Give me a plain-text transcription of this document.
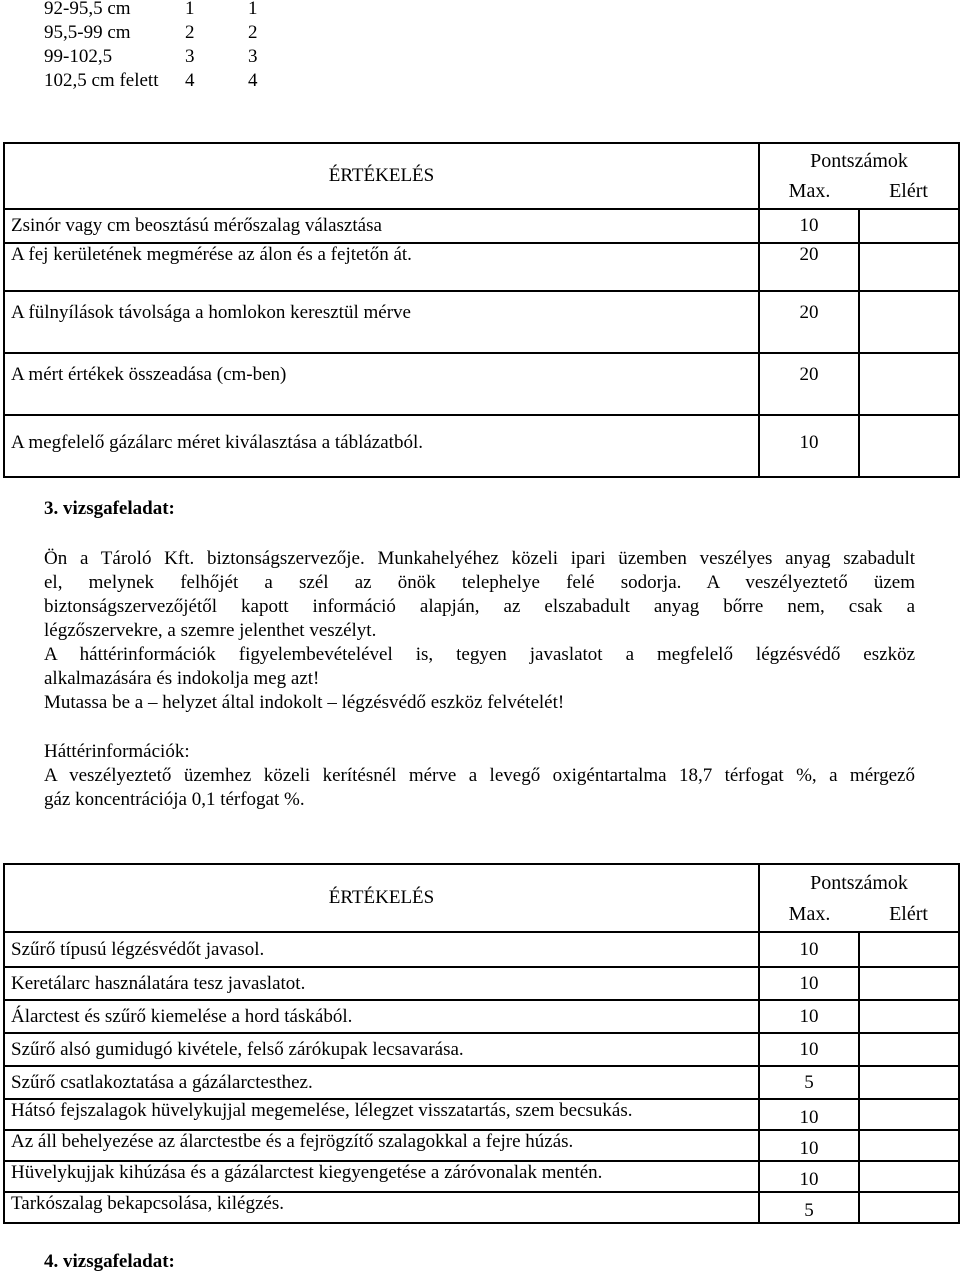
92-95,5 cm	1	1
95,5-99 cm	2	2
99-102,5	3	3
102,5 cm felett 4	4
ÉRTÉKELÉS	Pontszámok
Max. Elért	

Zsinór vagy cm beosztású mérőszalag választása	10	
A fej kerületének megmérése az álon és a fejtetőn át.	20	
A fülnyílások távolsága a homlokon keresztül mérve	20	
A mért értékek összeadása (cm-ben)	20	
A megfelelő gázálarc méret kiválasztása a táblázatból.	10	
3. vizsgafeladat:
Ön a Tároló Kft. biztonságszervezője. Munkahelyéhez közeli ipari üzemben veszélyes anyag szabadult
el, melynek felhőjét a szél az önök telephelye felé sodorja. A veszélyeztető üzem
biztonságszervezőjétől kapott információ alapján, az elszabadult anyag bőrre nem, csak a
légzőszervekre, a szemre jelenthet veszélyt.
A háttérinformációk figyelembevételével is, tegyen javaslatot a megfelelő légzésvédő eszköz
alkalmazására és indokolja meg azt!
Mutassa be a – helyzet által indokolt – légzésvédő eszköz felvételét!
Háttérinformációk:
A veszélyeztető üzemhez közeli kerítésnél mérve a levegő oxigéntartalma 18,7 térfogat %, a mérgező
gáz koncentrációja 0,1 térfogat %.
ÉRTÉKELÉS	Pontszámok
Max. Elért	

Szűrő típusú légzésvédőt javasol.	10	
Keretálarc használatára tesz javaslatot.	10	
Álarctest és szűrő kiemelése a hord táskából.	10	
Szűrő alsó gumidugó kivétele, felső zárókupak lecsavarása.	10	
Szűrő csatlakoztatása a gázálarctesthez.	5	
Hátsó fejszalagok hüvelykujjal megemelése, lélegzet visszatartás, szem becsukás.	10	
Az áll behelyezése az álarctestbe és a fejrögzítő szalagokkal a fejre húzás.	10	
Hüvelykujjak kihúzása és a gázálarctest kiegyengetése a záróvonalak mentén.	10	
Tarkószalag bekapcsolása, kilégzés.	5	
4. vizsgafeladat:
